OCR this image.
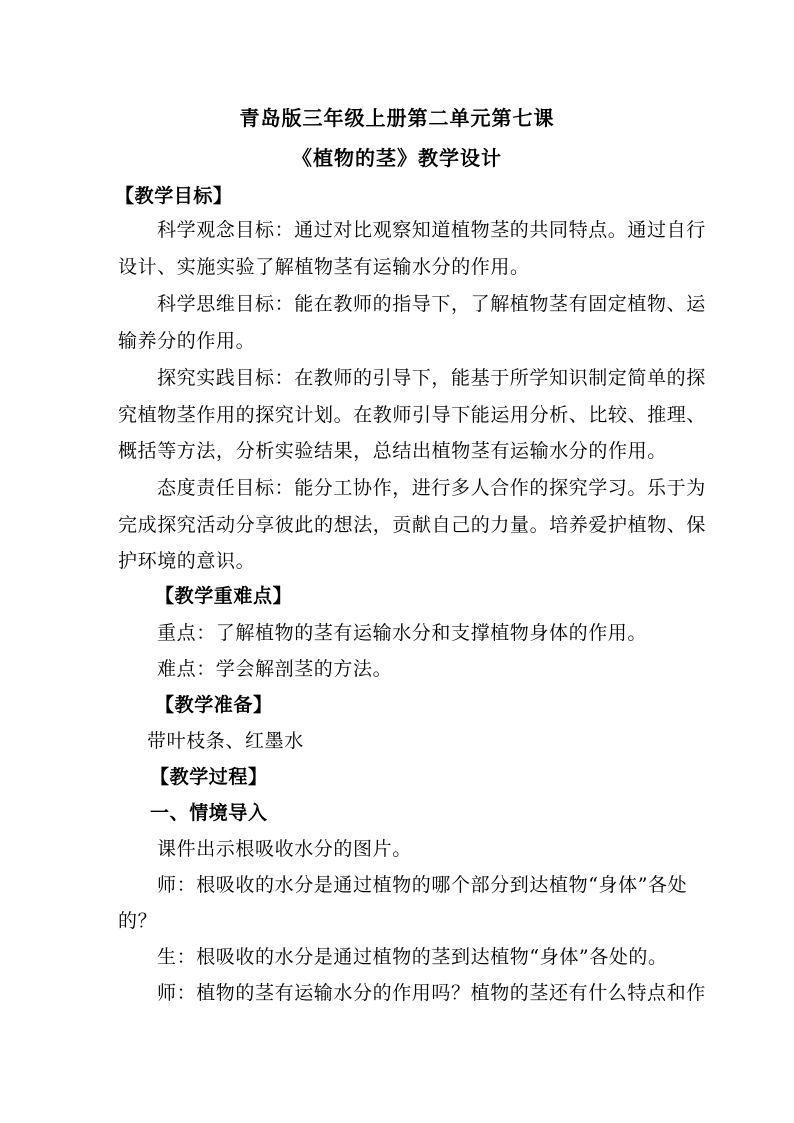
青岛版三年级上册第二单元第七课
《植物的茎》教学设计
【教学目标】
科学观念目标：通过对比观察知道植物茎的共同特点。通过自行
设计、实施实验了解植物茎有运输水分的作用。
科学思维目标：能在教师的指导下，了解植物茎有固定植物、运
输养分的作用。
探究实践目标：在教师的引导下，能基于所学知识制定简单的探
究植物茎作用的探究计划。在教师引导下能运用分析、比较、推理、
概括等方法，分析实验结果，总结出植物茎有运输水分的作用。
态度责任目标：能分工协作，进行多人合作的探究学习。乐于为
完成探究活动分享彼此的想法，贡献自己的力量。培养爱护植物、保
护环境的意识。
【教学重难点】
重点：了解植物的茎有运输水分和支撑植物身体的作用。
难点：学会解剖茎的方法。
【教学准备】
带叶枝条、红墨水
【教学过程】
一、情境导入
课件出示根吸收水分的图片。
师：根吸收的水分是通过植物的哪个部分到达植物“身体”各处
的？
生：根吸收的水分是通过植物的茎到达植物“身体”各处的。
师：植物的茎有运输水分的作用吗？植物的茎还有什么特点和作
